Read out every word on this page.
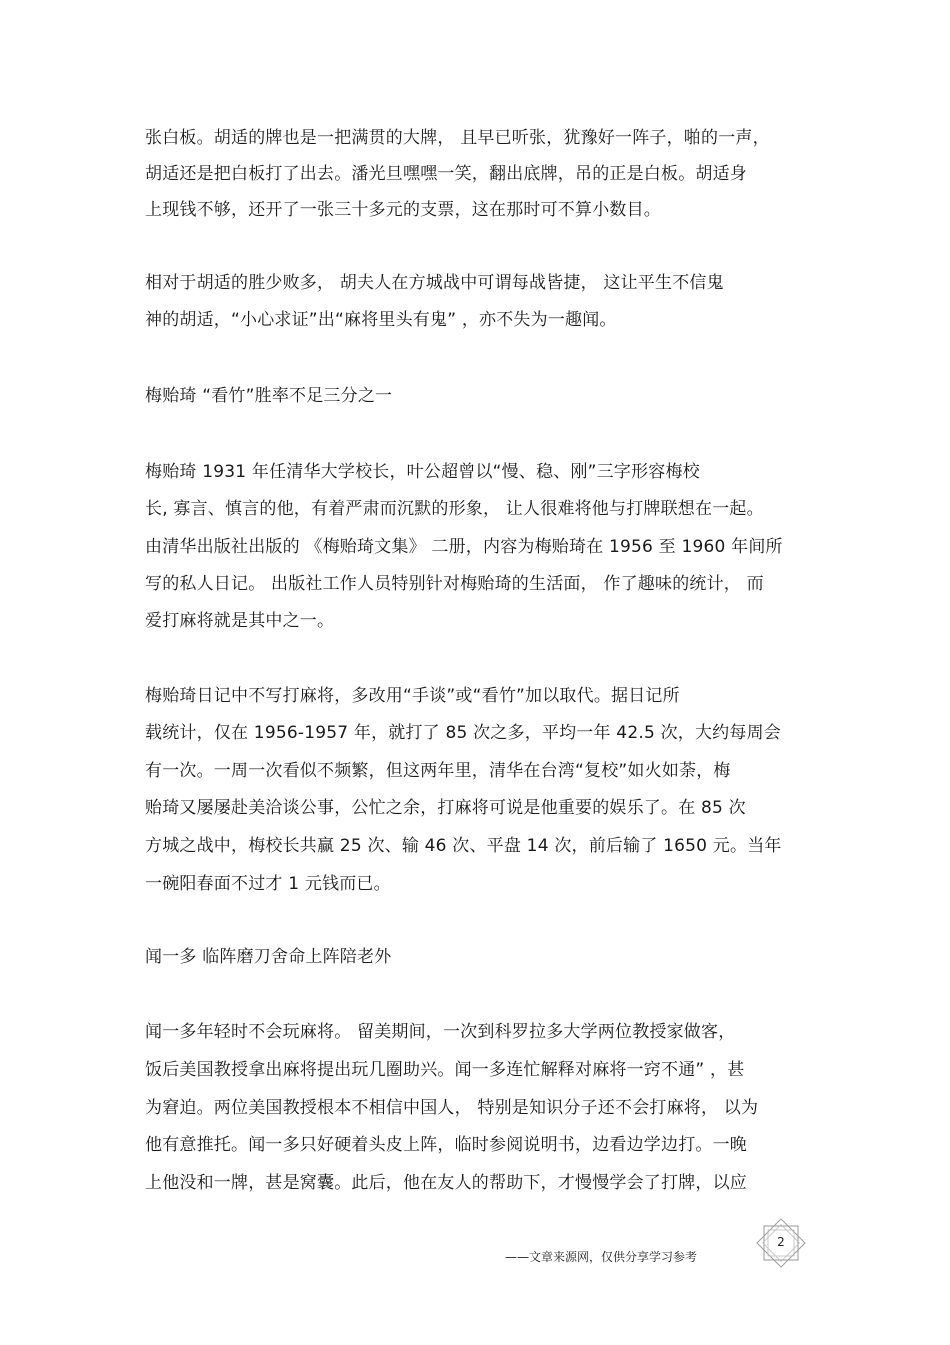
张白板。胡适的牌也是一把满贯的大牌， 且早已听张，犹豫好一阵子，啪的一声，
胡适还是把白板打了出去。潘光旦嘿嘿一笑，翻出底牌，吊的正是白板。胡适身
上现钱不够，还开了一张三十多元的支票，这在那时可不算小数目。
相对于胡适的胜少败多， 胡夫人在方城战中可谓每战皆捷， 这让平生不信鬼
神的胡适，“小心求证”出“麻将里头有鬼” ，亦不失为一趣闻。
梅贻琦 “看竹”胜率不足三分之一
梅贻琦 1931 年任清华大学校长，叶公超曾以“慢、稳、刚”三字形容梅校
长, 寡言、慎言的他，有着严肃而沉默的形象， 让人很难将他与打牌联想在一起。
由清华出版社出版的 《梅贻琦文集》 二册，内容为梅贻琦在 1956 至 1960 年间所
写的私人日记。 出版社工作人员特别针对梅贻琦的生活面， 作了趣味的统计， 而
爱打麻将就是其中之一。
梅贻琦日记中不写打麻将，多改用“手谈”或“看竹”加以取代。据日记所
载统计，仅在 1956-1957 年，就打了 85 次之多，平均一年 42.5 次，大约每周会
有一次。一周一次看似不频繁，但这两年里，清华在台湾“复校”如火如荼，梅
贻琦又屡屡赴美洽谈公事，公忙之余，打麻将可说是他重要的娱乐了。在 85 次
方城之战中，梅校长共赢 25 次、输 46 次、平盘 14 次，前后输了 1650 元。当年
一碗阳春面不过才 1 元钱而已。
闻一多 临阵磨刀舍命上阵陪老外
闻一多年轻时不会玩麻将。 留美期间，一次到科罗拉多大学两位教授家做客，
饭后美国教授拿出麻将提出玩几圈助兴。闻一多连忙解释对麻将一窍不通” ，甚
为窘迫。两位美国教授根本不相信中国人， 特别是知识分子还不会打麻将， 以为
他有意推托。闻一多只好硬着头皮上阵，临时参阅说明书，边看边学边打。一晚
上他没和一牌，甚是窝囊。此后，他在友人的帮助下，才慢慢学会了打牌，以应
——文章来源网，仅供分享学习参考
2
